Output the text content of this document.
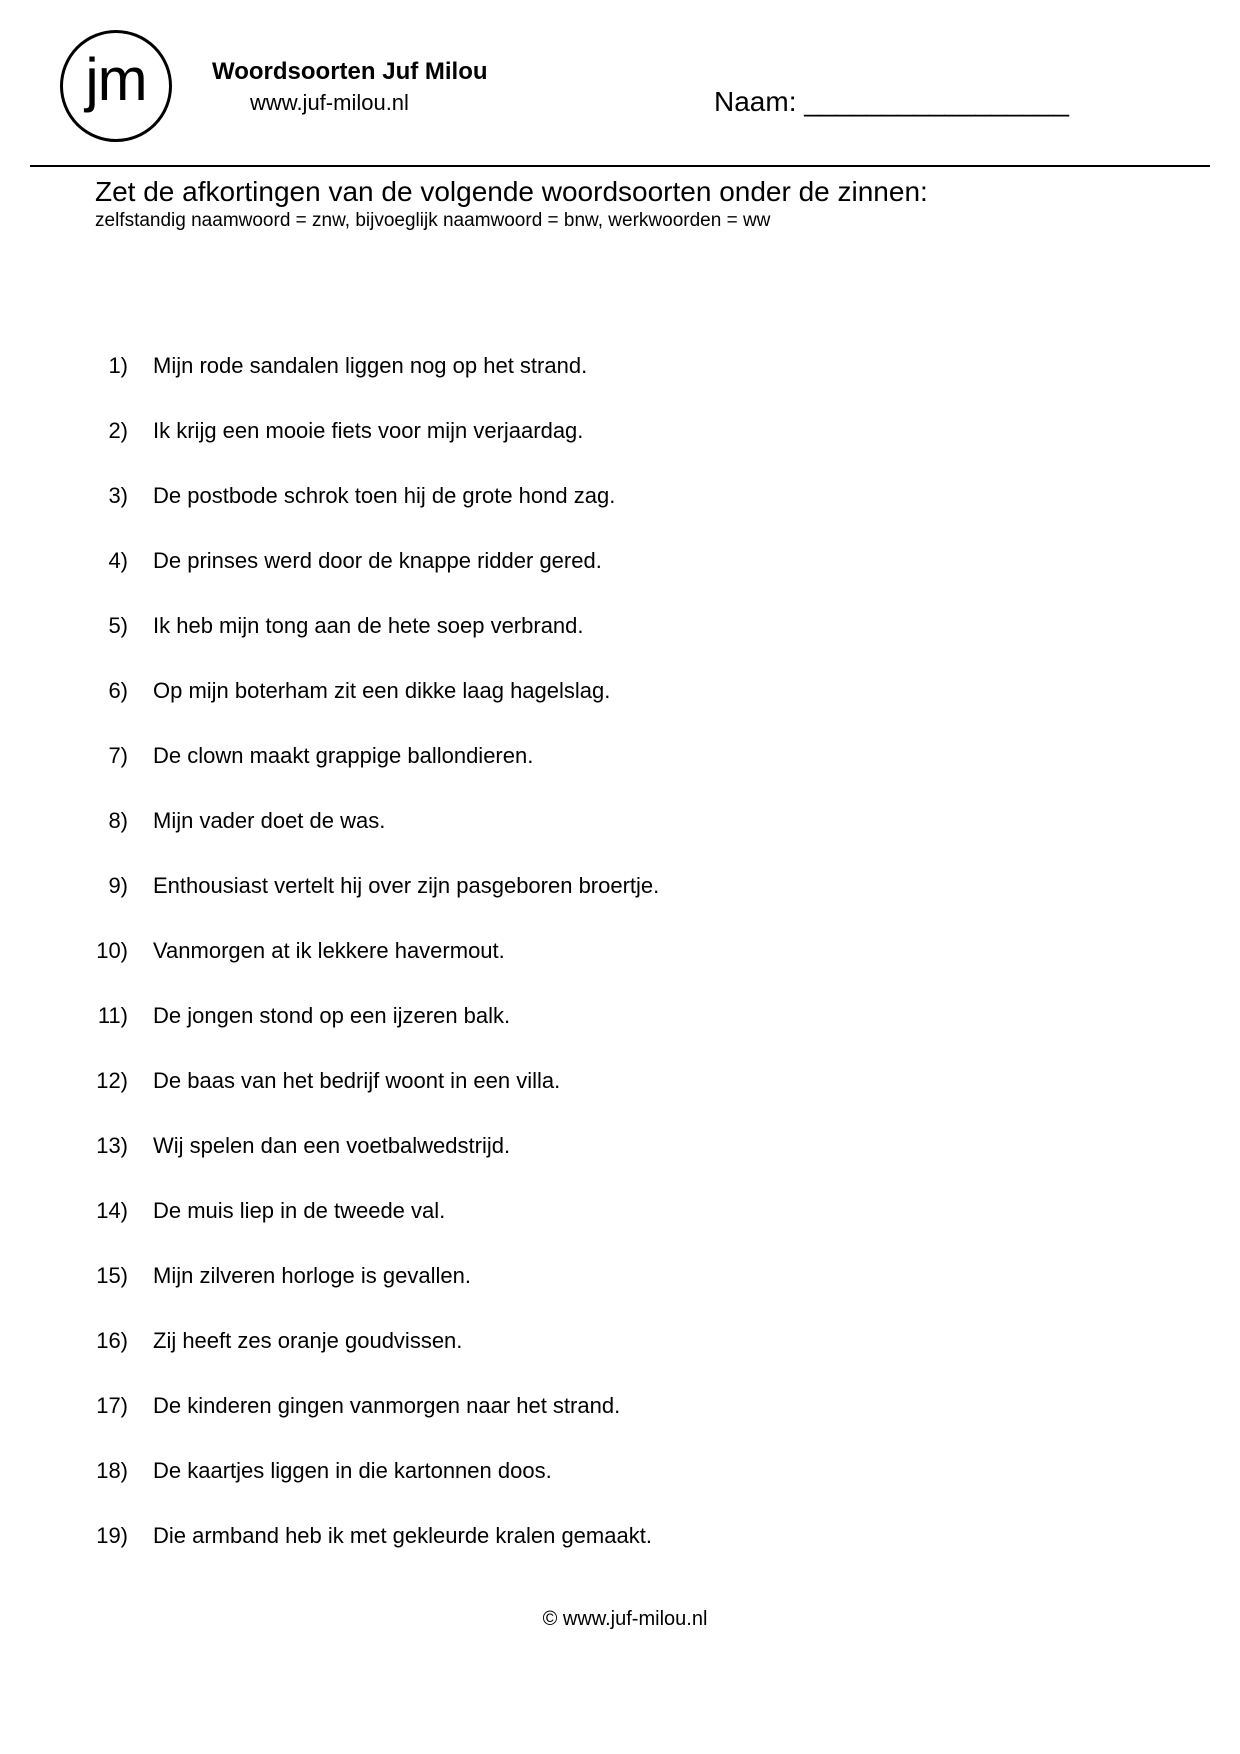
jm	Woordsoorten Juf Milou
www.juf-milou.nl	Naam: _________________
Zet de afkortingen van de volgende woordsoorten onder de zinnen:
zelfstandig naamwoord = znw, bijvoeglijk naamwoord = bnw, werkwoorden = ww
1) Mijn rode sandalen liggen nog op het strand.
2) Ik krijg een mooie fiets voor mijn verjaardag.
3) De postbode schrok toen hij de grote hond zag.
4) De prinses werd door de knappe ridder gered.
5) Ik heb mijn tong aan de hete soep verbrand.
6) Op mijn boterham zit een dikke laag hagelslag.
7) De clown maakt grappige ballondieren.
8) Mijn vader doet de was.
9) Enthousiast vertelt hij over zijn pasgeboren broertje.
10) Vanmorgen at ik lekkere havermout.
11) De jongen stond op een ijzeren balk.
12) De baas van het bedrijf woont in een villa.
13) Wij spelen dan een voetbalwedstrijd.
14) De muis liep in de tweede val.
15) Mijn zilveren horloge is gevallen.
16) Zij heeft zes oranje goudvissen.
17) De kinderen gingen vanmorgen naar het strand.
18) De kaartjes liggen in die kartonnen doos.
19) Die armband heb ik met gekleurde kralen gemaakt.
© www.juf-milou.nl
